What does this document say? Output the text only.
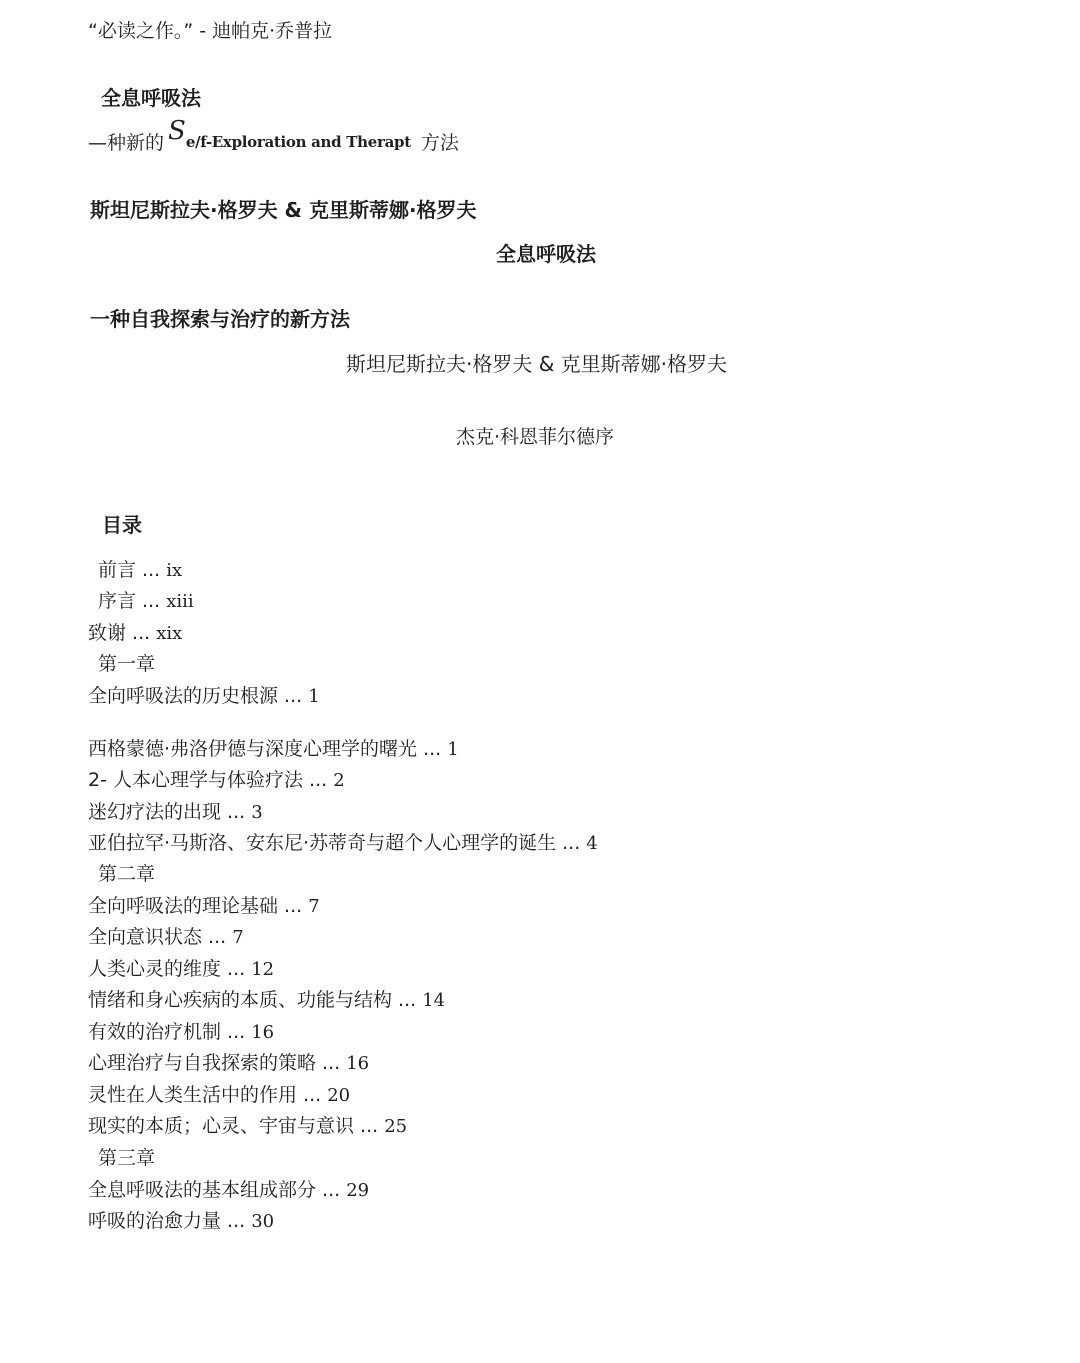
“必读之作。” - 迪帕克·乔普拉
全息呼吸法
—种新的 S e/f-Exploration and Therapt 方法
斯坦尼斯拉夫·格罗夫 & 克里斯蒂娜·格罗夫
全息呼吸法
一种自我探索与治疗的新方法
斯坦尼斯拉夫·格罗夫 & 克里斯蒂娜·格罗夫
杰克·科恩菲尔德序
目录
前言 ... ix
序言 ... xiii
致谢 ... xix
第一章
全向呼吸法的历史根源 ... 1
西格蒙德·弗洛伊德与深度心理学的曙光 ... 1
2- 人本心理学与体验疗法 ... 2
迷幻疗法的出现 ... 3
亚伯拉罕·马斯洛、安东尼·苏蒂奇与超个人心理学的诞生 ... 4
第二章
全向呼吸法的理论基础 ... 7
全向意识状态 ... 7
人类心灵的维度 ... 12
情绪和身心疾病的本质、功能与结构 ... 14
有效的治疗机制 ... 16
心理治疗与自我探索的策略 ... 16
灵性在人类生活中的作用 ... 20
现实的本质；心灵、宇宙与意识 ... 25
第三章
全息呼吸法的基本组成部分 ... 29
呼吸的治愈力量 ... 30
